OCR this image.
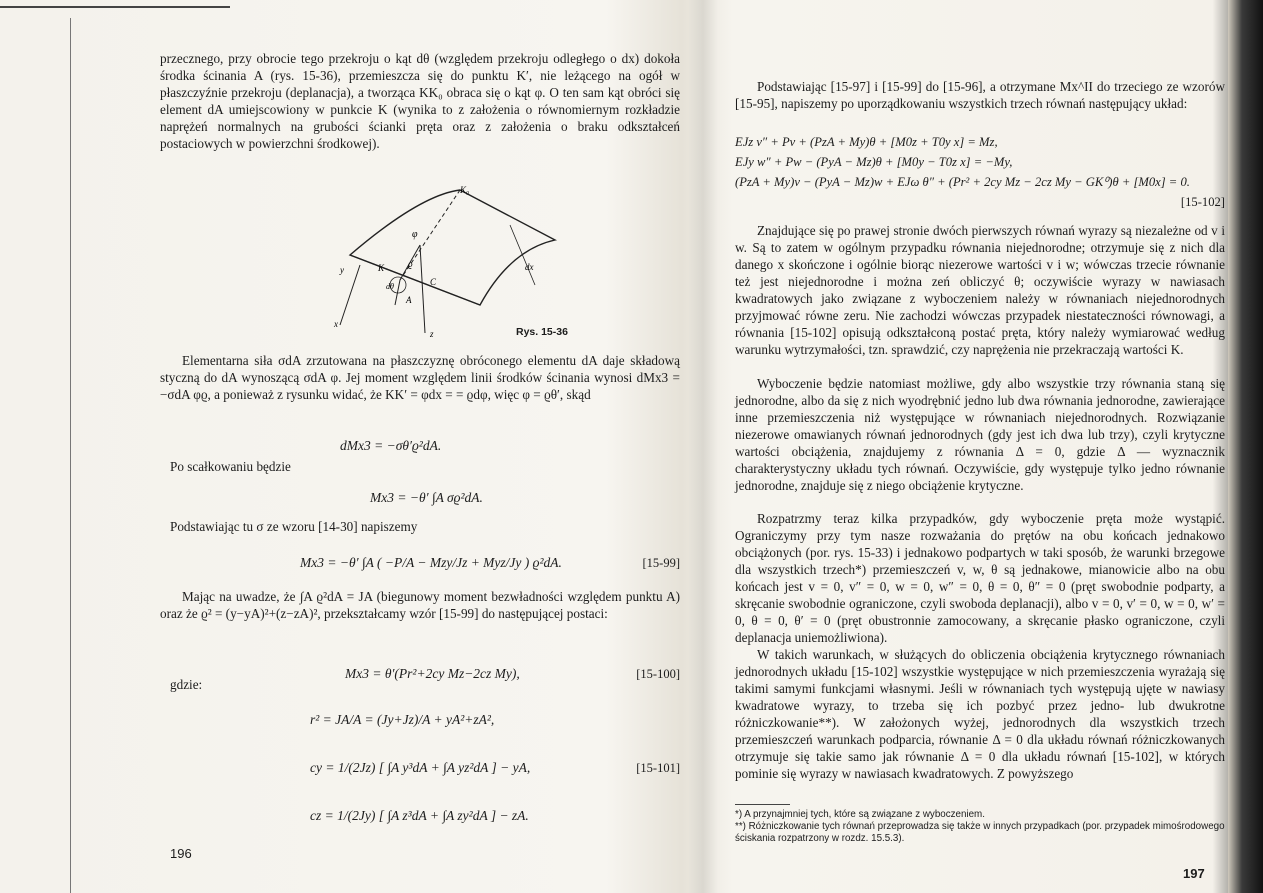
przecznego, przy obrocie tego przekroju o kąt dθ (względem przekroju odległego o dx) dokoła środka ścinania A (rys. 15-36), przemieszcza się do punktu K′, nie leżącego na ogół w płaszczyźnie przekroju (deplanacja), a tworząca KK₀ obraca się o kąt φ. O ten sam kąt obróci się element dA umiejscowiony w punkcie K (wynika to z założenia o równomiernym rozkładzie naprężeń normalnych na grubości ścianki pręta oraz z założenia o braku odkształceń postaciowych w powierzchni środkowej).

K₀
φ
y	K	ϱ
dθ	C
A
x
z
dx
Rys. 15-36

Elementarna siła σdA zrzutowana na płaszczyznę obróconego elementu dA daje składową styczną do dA wynoszącą σdA φ. Jej moment względem linii środków ścinania wynosi dMx3 = −σdA φϱ, a ponieważ z rysunku widać, że KK′ = φdx = = ϱdφ, więc φ = ϱθ′, skąd

dMx3 = −σθ′ϱ²dA.

Po scałkowaniu będzie

Mx3 = −θ′ ∫A σϱ²dA.

Podstawiając tu σ ze wzoru [14-30] napiszemy

Mx3 = −θ′ ∫A ( −P/A − Mzy/Jz + Myz/Jy ) ϱ²dA.	[15-99]

Mając na uwadze, że ∫A ϱ²dA = JA (biegunowy moment bezwładności względem punktu A) oraz że ϱ² = (y−yA)²+(z−zA)², przekształcamy wzór [15-99] do następującej postaci:

Mx3 = θ′(Pr²+2cy Mz−2cz My),	[15-100]

gdzie:

r² = JA/A = (Jy+Jz)/A + yA²+zA²,
cy = 1/(2Jz) [ ∫A y³dA + ∫A yz²dA ] − yA,	[15-101]
cz = 1/(2Jy) [ ∫A z³dA + ∫A zy²dA ] − zA.
196

Podstawiając [15-97] i [15-99] do [15-96], a otrzymane Mx^II do trzeciego ze wzorów [15-95], napiszemy po uporządkowaniu wszystkich trzech równań następujący układ:

EJz v″ + Pv + (PzA + My)θ + [M0z + T0y x] = Mz,
EJy w″ + Pw − (PyA − Mz)θ + [M0y − T0z x] = −My,
(PzA + My)v − (PyA − Mz)w + EJω θ″ + (Pr² + 2cy Mz − 2cz My − GK⁰)θ + [M0x] = 0.
[15-102]

Znajdujące się po prawej stronie dwóch pierwszych równań wyrazy są niezależne od v i w. Są to zatem w ogólnym przypadku równania niejednorodne; otrzymuje się z nich dla danego x skończone i ogólnie biorąc niezerowe wartości v i w; wówczas trzecie równanie też jest niejednorodne i można zeń obliczyć θ; oczywiście wyrazy w nawiasach kwadratowych jako związane z wyboczeniem należy w równaniach niejednorodnych przyjmować równe zeru. Nie zachodzi wówczas przypadek niestateczności równowagi, a równania [15-102] opisują odkształconą postać pręta, który należy wymiarować według warunku wytrzymałości, tzn. sprawdzić, czy naprężenia nie przekraczają wartości K.

Wyboczenie będzie natomiast możliwe, gdy albo wszystkie trzy równania staną się jednorodne, albo da się z nich wyodrębnić jedno lub dwa równania jednorodne, zawierające inne przemieszczenia niż występujące w równaniach niejednorodnych. Rozwiązanie niezerowe omawianych równań jednorodnych (gdy jest ich dwa lub trzy), czyli krytyczne wartości obciążenia, znajdujemy z równania Δ = 0, gdzie Δ — wyznacznik charakterystyczny układu tych równań. Oczywiście, gdy występuje tylko jedno równanie jednorodne, znajduje się z niego obciążenie krytyczne.

Rozpatrzmy teraz kilka przypadków, gdy wyboczenie pręta może wystąpić. Ograniczymy przy tym nasze rozważania do prętów na obu końcach jednakowo obciążonych (por. rys. 15-33) i jednakowo podpartych w taki sposób, że warunki brzegowe dla wszystkich trzech*) przemieszczeń v, w, θ są jednakowe, mianowicie albo na obu końcach jest v = 0, v″ = 0, w = 0, w″ = 0, θ = 0, θ″ = 0 (pręt swobodnie podparty, a skręcanie swobodnie ograniczone, czyli swoboda deplanacji), albo v = 0, v′ = 0, w = 0, w′ = 0, θ = 0, θ′ = 0 (pręt obustronnie zamocowany, a skręcanie płasko ograniczone, czyli deplanacja uniemożliwiona).

W takich warunkach, w służących do obliczenia obciążenia krytycznego równaniach jednorodnych układu [15-102] wszystkie występujące w nich przemieszczenia wyrażają się takimi samymi funkcjami własnymi. Jeśli w równaniach tych występują ujęte w nawiasy kwadratowe wyrazy, to trzeba się ich pozbyć przez jedno- lub dwukrotne różniczkowanie**). W założonych wyżej, jednorodnych dla wszystkich trzech przemieszczeń warunkach podparcia, równanie Δ = 0 dla układu równań różniczkowanych otrzymuje się takie samo jak równanie Δ = 0 dla układu równań [15-102], w których pominie się wyrazy w nawiasach kwadratowych. Z powyższego

*) A przynajmniej tych, które są związane z wyboczeniem.
**) Różniczkowanie tych równań przeprowadza się także w innych przypadkach (por. przypadek mimośrodowego ściskania rozpatrzony w rozdz. 15.5.3).
197
